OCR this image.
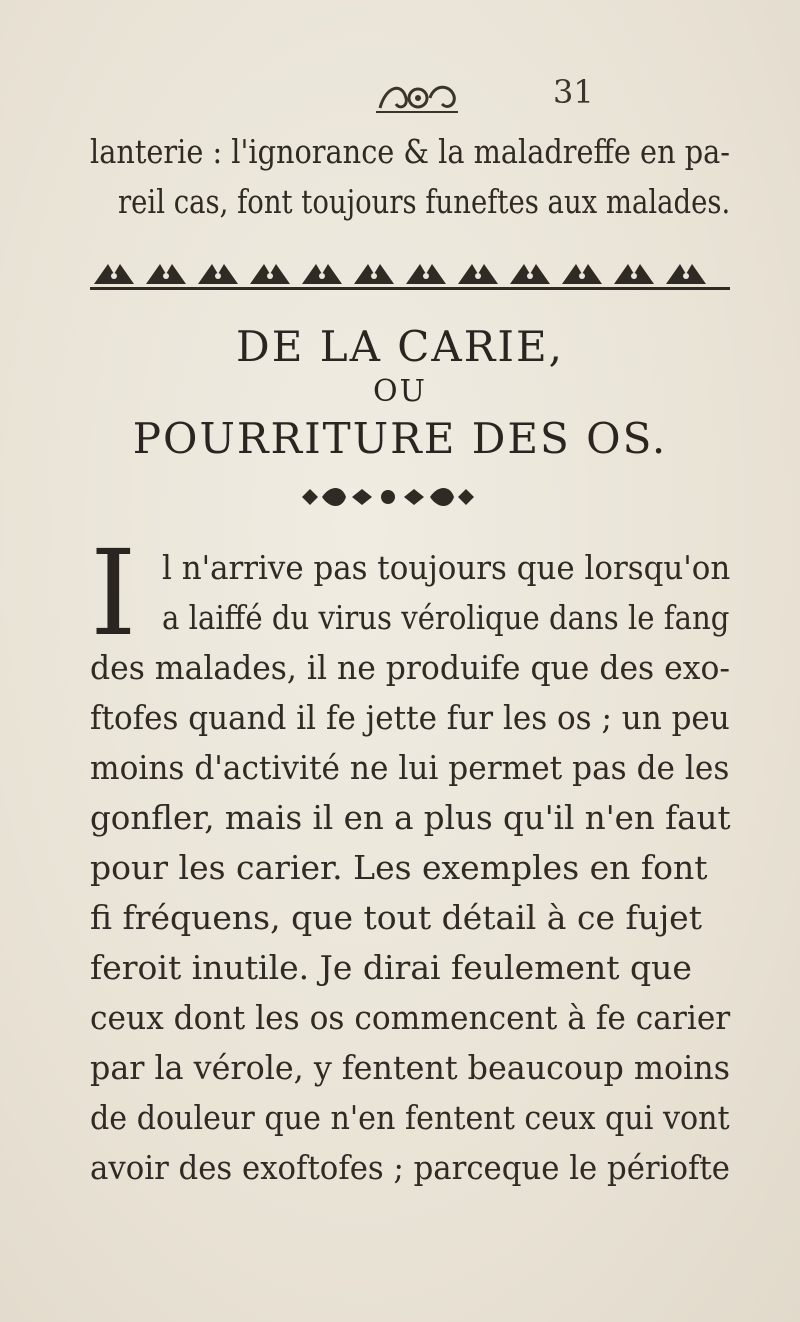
31
lanterie : l'ignorance & la maladreffe en pa-
reil cas, font toujours funeftes aux malades.
DE LA CARIE,
OU
POURRITURE DES OS.
I l n'arrive pas toujours que lorsqu'on
a laiffé du virus vérolique dans le fang
des malades, il ne produife que des exo-
ftofes quand il fe jette fur les os ; un peu
moins d'activité ne lui permet pas de les
gonfler, mais il en a plus qu'il n'en faut
pour les carier. Les exemples en font
fi fréquens, que tout détail à ce fujet
feroit inutile. Je dirai feulement que
ceux dont les os commencent à fe carier
par la vérole, y fentent beaucoup moins
de douleur que n'en fentent ceux qui vont
avoir des exoftofes ; parceque le périofte
